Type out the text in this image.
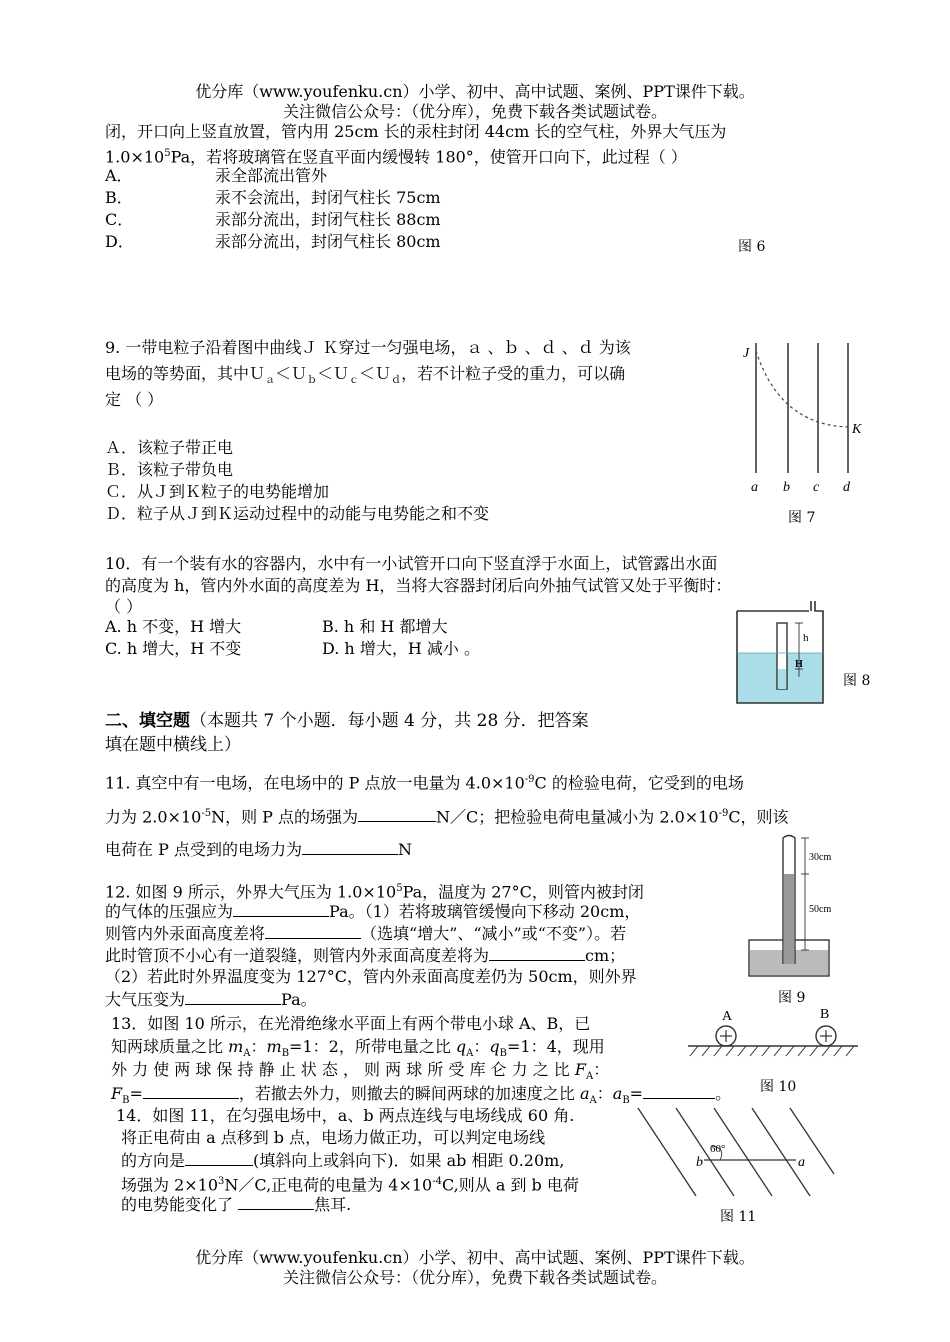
优分库（www.youfenku.cn）小学、初中、高中试题、案例、PPT课件下载。
关注微信公众号：（优分库），免费下载各类试题试卷。
闭，开口向上竖直放置，管内用 25cm 长的汞柱封闭 44cm 长的空气柱，外界大气压为
$1.0\times 10^5Pa$，若将玻璃管在竖直平面内缓慢转 180°，使管开口向下，此过程（ ）
A．	汞全部流出管外
B．	汞不会流出，封闭气柱长 75cm
C．	汞部分流出，封闭气柱长 88cm
D．	汞部分流出，封闭气柱长 80cm	图 6
9. 一带电粒子沿着图中曲线Ｊ Ｋ穿过一匀强电场，ａ 、ｂ 、ｄ 、ｄ 为该
电场的等势面，其中Ｕ$_a$＜Ｕ$_b$＜Ｕ$_c$＜Ｕ$_d$，若不计粒子受的重力，可以确
定 （ ）
Ａ．该粒子带正电
Ｂ．该粒子带负电
Ｃ．从Ｊ到Ｋ粒子的电势能增加
Ｄ．粒子从Ｊ到Ｋ运动过程中的动能与电势能之和不变
J
K
a b c d
图 7
10．有一个装有水的容器内，水中有一小试管开口向下竖直浮于水面上，试管露出水面
的高度为 h，管内外水面的高度差为 H，当将大容器封闭后向外抽气试管又处于平衡时：
（ ）
A. h 不变，H 增大	B. h 和 H 都增大
C. h 增大，H 不变	D. h 增大，H 减小 。
h
H
图 8
二、填空题（本题共 7 个小题．每小题 4 分，共 28 分．把答案
填在题中横线上）
11. 真空中有一电场，在电场中的 P 点放一电量为 $4.0\times 10^{-9}C$ 的检验电荷，它受到的电场
力为 $2.0\times 10^{-5}N$，则 P 点的场强为	N／C；把检验电荷电量减小为 $2.0\times 10^{-9}C$，则该
电荷在 P 点受到的电场力为	N
12. 如图 9 所示，外界大气压为 $1.0\times 10^5Pa$，温度为 27°C，则管内被封闭
的气体的压强应为	Pa。（1）若将玻璃管缓慢向下移动 20cm，
则管内外汞面高度差将	（选填“增大”、“减小”或“不变”）。若
此时管顶不小心有一道裂缝，则管内外汞面高度差将为	cm；
（2）若此时外界温度变为 127°C，管内外汞面高度差仍为 50cm，则外界
大气压变为	Pa。
30cm
50cm
图 9
13．如图 10 所示，在光滑绝缘水平面上有两个带电小球 A、B，已
知两球质量之比 $m_A$：$m_B=1$：2，所带电量之比 $q_A$：$q_B=1$：4，现用
外 力 使 两 球 保 持 静 止 状 态 ， 则 两 球 所 受 库 仑 力 之 比 $F_A$：
$F_B=$	，若撤去外力，则撤去的瞬间两球的加速度之比 $a_A$：$a_B=$	。
A	B
图 10
14．如图 11，在匀强电场中，a、b 两点连线与电场线成 60 角.
将正电荷由 a 点移到 b 点，电场力做正功，可以判定电场线
的方向是	(填斜向上或斜向下)．如果 ab 相距 0.20m,
场强为 $2\times 10^3N/C$,正电荷的电量为 $4\times 10^{-4}C$,则从 a 到 b 电荷
的电势能变化了	焦耳.
60°
b	a
图 11
优分库（www.youfenku.cn）小学、初中、高中试题、案例、PPT课件下载。
关注微信公众号：（优分库），免费下载各类试题试卷。
